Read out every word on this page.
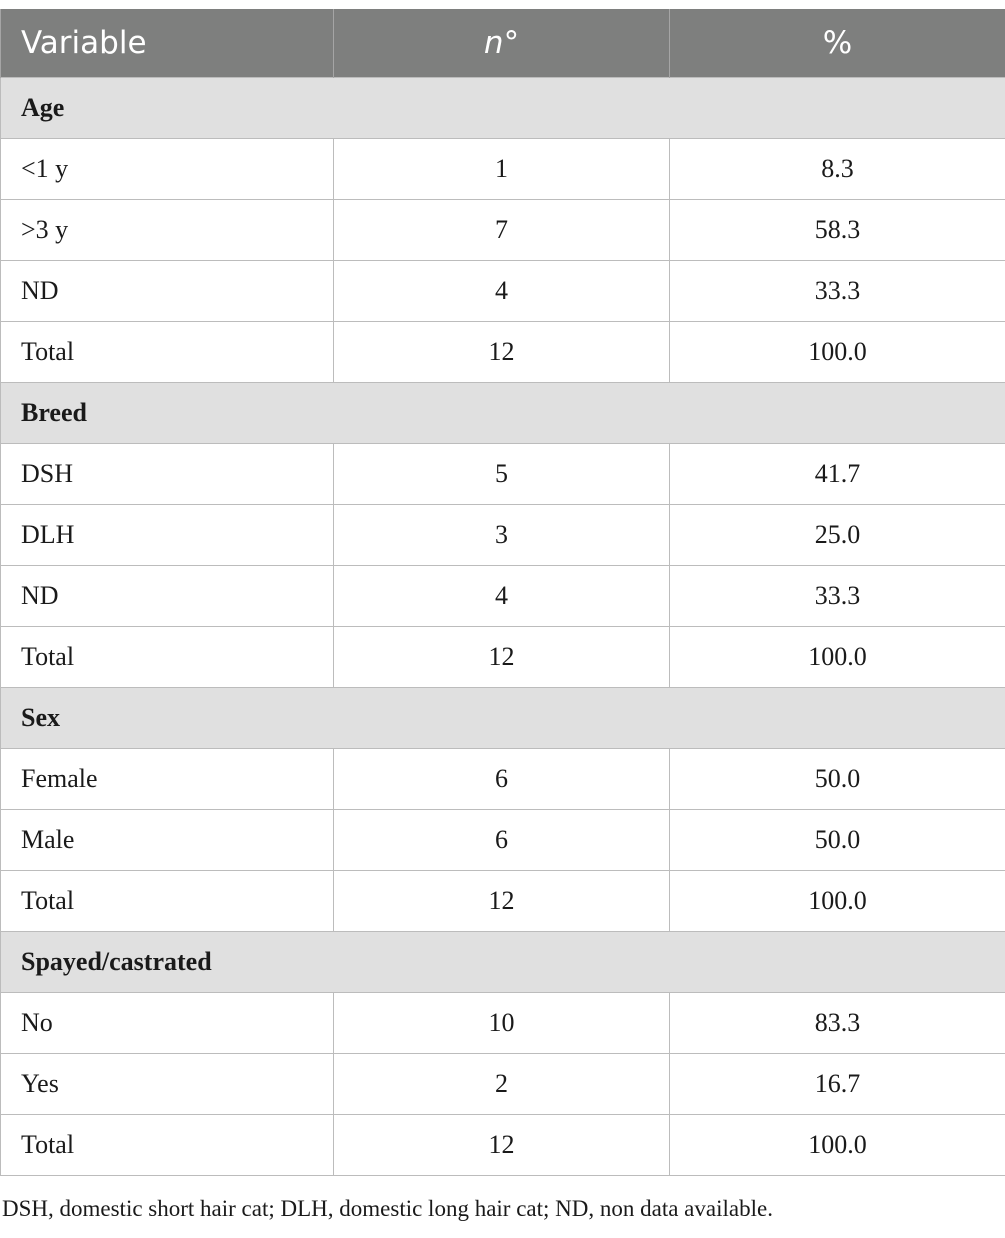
Variable	n°	%
Age		
<1 y	1	8.3
>3 y	7	58.3
ND	4	33.3
Total	12	100.0
Breed		
DSH	5	41.7
DLH	3	25.0
ND	4	33.3
Total	12	100.0
Sex		
Female	6	50.0
Male	6	50.0
Total	12	100.0
Spayed/castrated		
No	10	83.3
Yes	2	16.7
Total	12	100.0
DSH, domestic short hair cat; DLH, domestic long hair cat; ND, non data available.
